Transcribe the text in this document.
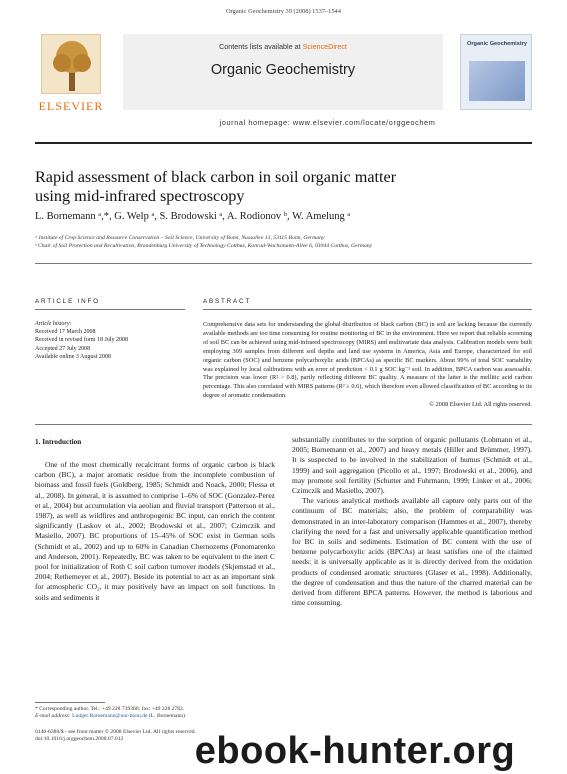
Organic Geochemistry 39 (2008) 1537–1544
ELSEVIER
Contents lists available at ScienceDirect
Organic Geochemistry
Organic Geochemistry
journal homepage: www.elsevier.com/locate/orggeochem
Rapid assessment of black carbon in soil organic matter
using mid-infrared spectroscopy
L. Bornemann ᵃ,*, G. Welp ᵃ, S. Brodowski ᵃ, A. Rodionov ᵇ, W. Amelung ᵃ
ᵃ Institute of Crop Science and Resource Conservation – Soil Science, University of Bonn, Nussallee 13, 53115 Bonn, Germany
ᵇ Chair of Soil Protection and Recultivation, Brandenburg University of Technology Cottbus, Konrad-Wachsmann-Allee 6, 03044 Cottbus, Germany
ARTICLE INFO	ABSTRACT
Article history:
Received 17 March 2008
Received in revised form 18 July 2008
Accepted 27 July 2008
Available online 3 August 2008
Comprehensive data sets for understanding the global distribution of black carbon (BC) in soil are lacking because the currently available methods are too time consuming for routine monitoring of BC in the environment. Here we report that reliable screening of soil BC can be achieved using mid-infrared spectroscopy (MIRS) and multivariate data analysis. Calibration models were built employing 309 samples from different soil depths and land use systems in America, Asia and Europe, characterized for soil organic carbon (SOC) and benzene polycarboxylic acids (BPCAs) as specific BC markers. About 99% of total SOC variability was explained by local calibrations with an error of prediction < 0.1 g SOC kg⁻¹ soil. In addition, BPCA carbon was assessable. The precision was lower (R² > 0.8), partly reflecting different BC quality. A measure of the latter is the mellitic acid carbon percentage. This also correlated with MIRS patterns (R² ≥ 0.6), which therefore even allowed classification of BC according to its degree of aromatic condensation.
© 2008 Elsevier Ltd. All rights reserved.
1. Introduction

One of the most chemically recalcitrant forms of organic carbon is black carbon (BC), a major aromatic residue from the incomplete combustion of biomass and fossil fuels (Goldberg, 1985; Schmidt and Noack, 2000; Flessa et al., 2008). In general, it is assumed to comprise 1–6% of SOC (Gonzalez-Perez et al., 2004) but accumulation via aeolian and fluvial transport (Patterson et al., 1987), as well as wildfires and anthropogenic BC input, can enrich the content significantly (Laskov et al., 2002; Brodowski et al., 2007; Czimczik and Masiello, 2007). BC proportions of 15–45% of SOC exist in German soils (Schmidt et al., 2002) and up to 60% in Canadian Chernozems (Ponomarenko and Anderson, 2001). Repeatedly, BC was taken to be equivalent to the inert C pool for initialization of Roth C soil carbon turnover models (Skjemstad et al., 2004; Rethemeyer et al., 2007). Beside its potential to act as an important sink for atmospheric CO₂, it may positively have an impact on soil functions. In soils and sediments it

substantially contributes to the sorption of organic pollutants (Lohmann et al., 2005; Bornemann et al., 2007) and heavy metals (Hiller and Brümmer, 1997). It is suspected to be involved in the stabilization of humus (Schmidt et al., 1999) and soil aggregation (Picollo et al., 1997; Brodowski et al., 2006), and may promote soil fertility (Schutter and Fuhrmann, 1999; Linker et al., 2006; Czimczik and Masiello, 2007).

The various analytical methods available all capture only parts out of the continuum of BC materials; also, the problem of comparability was demonstrated in an inter-laboratory comparison (Hammes et al., 2007), thereby clarifying the need for a fast and universally applicable quantification method for BC in soils and sediments. Estimation of BC content with the use of benzene polycarboxylic acids (BPCAs) at least satisfies one of the claimed needs: it is universally applicable as it is directly derived from the oxidation products of condensed aromatic structures (Glaser et al., 1998). Additionally, the degree of condensation and thus the nature of the charred material can be derived from different BPCA patterns. However, the method is laborious and time consuming.

* Corresponding author. Tel.: +49 228 739368; fax: +49 228 2782.
E-mail address: Ludger.Bornemann@uni-bonn.de (L. Bornemann).
0146-6380/$ - see front matter © 2008 Elsevier Ltd. All rights reserved.
doi:10.1016/j.orggeochem.2008.07.012	ebook-hunter.org
